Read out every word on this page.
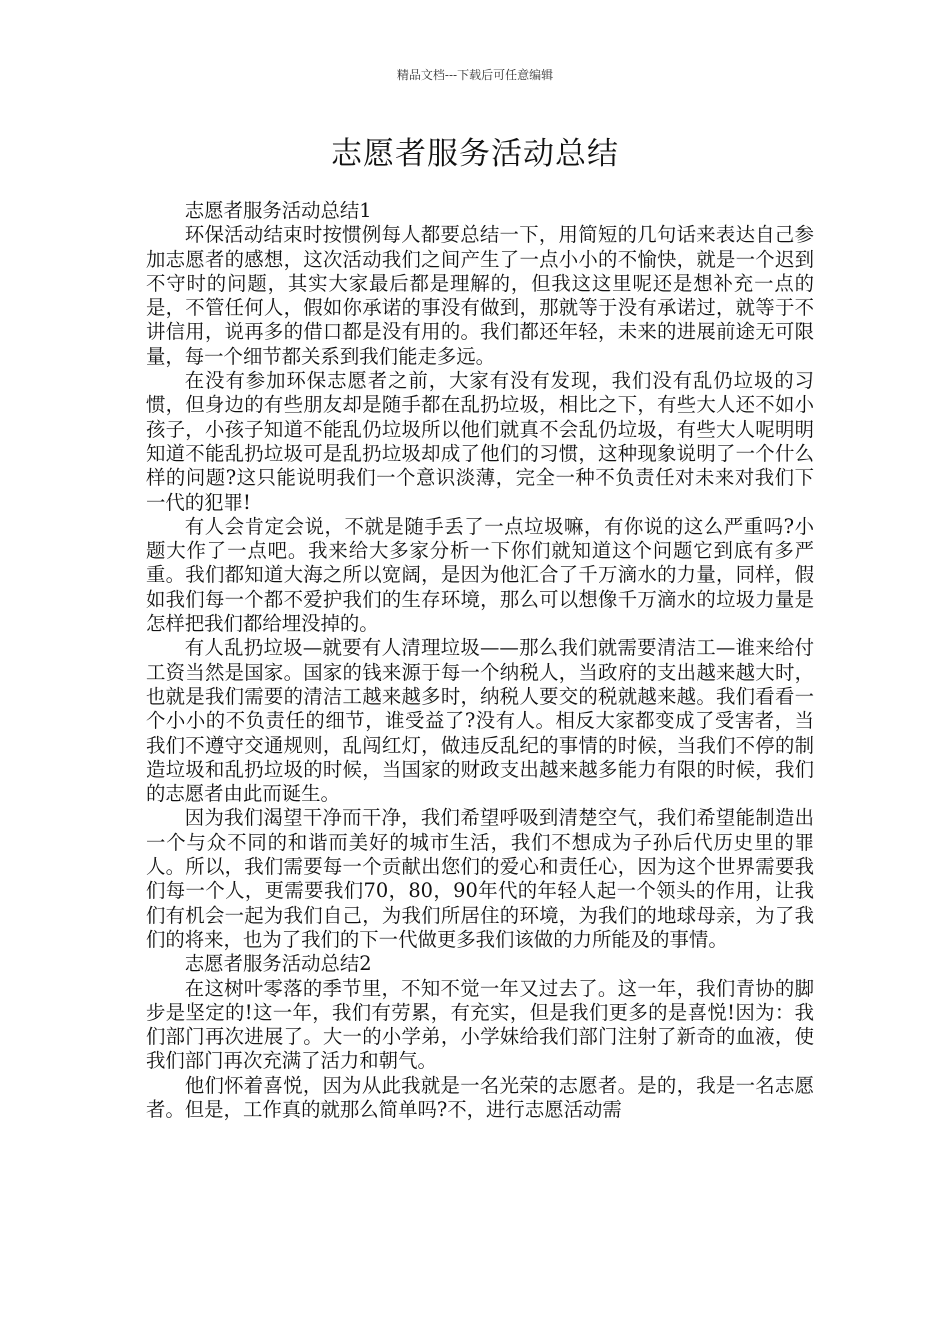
精品文档---下载后可任意编辑
志愿者服务活动总结

志愿者服务活动总结1

环保活动结束时按惯例每人都要总结一下，用简短的几句话来表达自己参加志愿者的感想，这次活动我们之间产生了一点小小的不愉快，就是一个迟到不守时的问题，其实大家最后都是理解的，但我这这里呢还是想补充一点的是，不管任何人，假如你承诺的事没有做到，那就等于没有承诺过，就等于不讲信用，说再多的借口都是没有用的。我们都还年轻，未来的进展前途无可限量，每一个细节都关系到我们能走多远。

在没有参加环保志愿者之前，大家有没有发现，我们没有乱仍垃圾的习惯，但身边的有些朋友却是随手都在乱扔垃圾，相比之下，有些大人还不如小孩子，小孩子知道不能乱仍垃圾所以他们就真不会乱仍垃圾，有些大人呢明明知道不能乱扔垃圾可是乱扔垃圾却成了他们的习惯，这种现象说明了一个什么样的问题?这只能说明我们一个意识淡薄，完全一种不负责任对未来对我们下一代的犯罪!

有人会肯定会说，不就是随手丢了一点垃圾嘛，有你说的这么严重吗?小题大作了一点吧。我来给大多家分析一下你们就知道这个问题它到底有多严重。我们都知道大海之所以宽阔，是因为他汇合了千万滴水的力量，同样，假如我们每一个都不爱护我们的生存环境，那么可以想像千万滴水的垃圾力量是怎样把我们都给埋没掉的。

有人乱扔垃圾—就要有人清理垃圾——那么我们就需要清洁工—谁来给付工资当然是国家。国家的钱来源于每一个纳税人，当政府的支出越来越大时，也就是我们需要的清洁工越来越多时，纳税人要交的税就越来越。我们看看一个小小的不负责任的细节，谁受益了?没有人。相反大家都变成了受害者，当我们不遵守交通规则，乱闯红灯，做违反乱纪的事情的时候，当我们不停的制造垃圾和乱扔垃圾的时候，当国家的财政支出越来越多能力有限的时候，我们的志愿者由此而诞生。

因为我们渴望干净而干净，我们希望呼吸到清楚空气，我们希望能制造出一个与众不同的和谐而美好的城市生活，我们不想成为子孙后代历史里的罪人。所以，我们需要每一个贡献出您们的爱心和责任心，因为这个世界需要我们每一个人，更需要我们70，80，90年代的年轻人起一个领头的作用，让我们有机会一起为我们自己，为我们所居住的环境，为我们的地球母亲，为了我们的将来，也为了我们的下一代做更多我们该做的力所能及的事情。

志愿者服务活动总结2

在这树叶零落的季节里，不知不觉一年又过去了。这一年，我们青协的脚步是坚定的!这一年，我们有劳累，有充实，但是我们更多的是喜悦!因为：我们部门再次进展了。大一的小学弟，小学妹给我们部门注射了新奇的血液，使我们部门再次充满了活力和朝气。

他们怀着喜悦，因为从此我就是一名光荣的志愿者。是的，我是一名志愿者。但是，工作真的就那么简单吗?不，进行志愿活动需
